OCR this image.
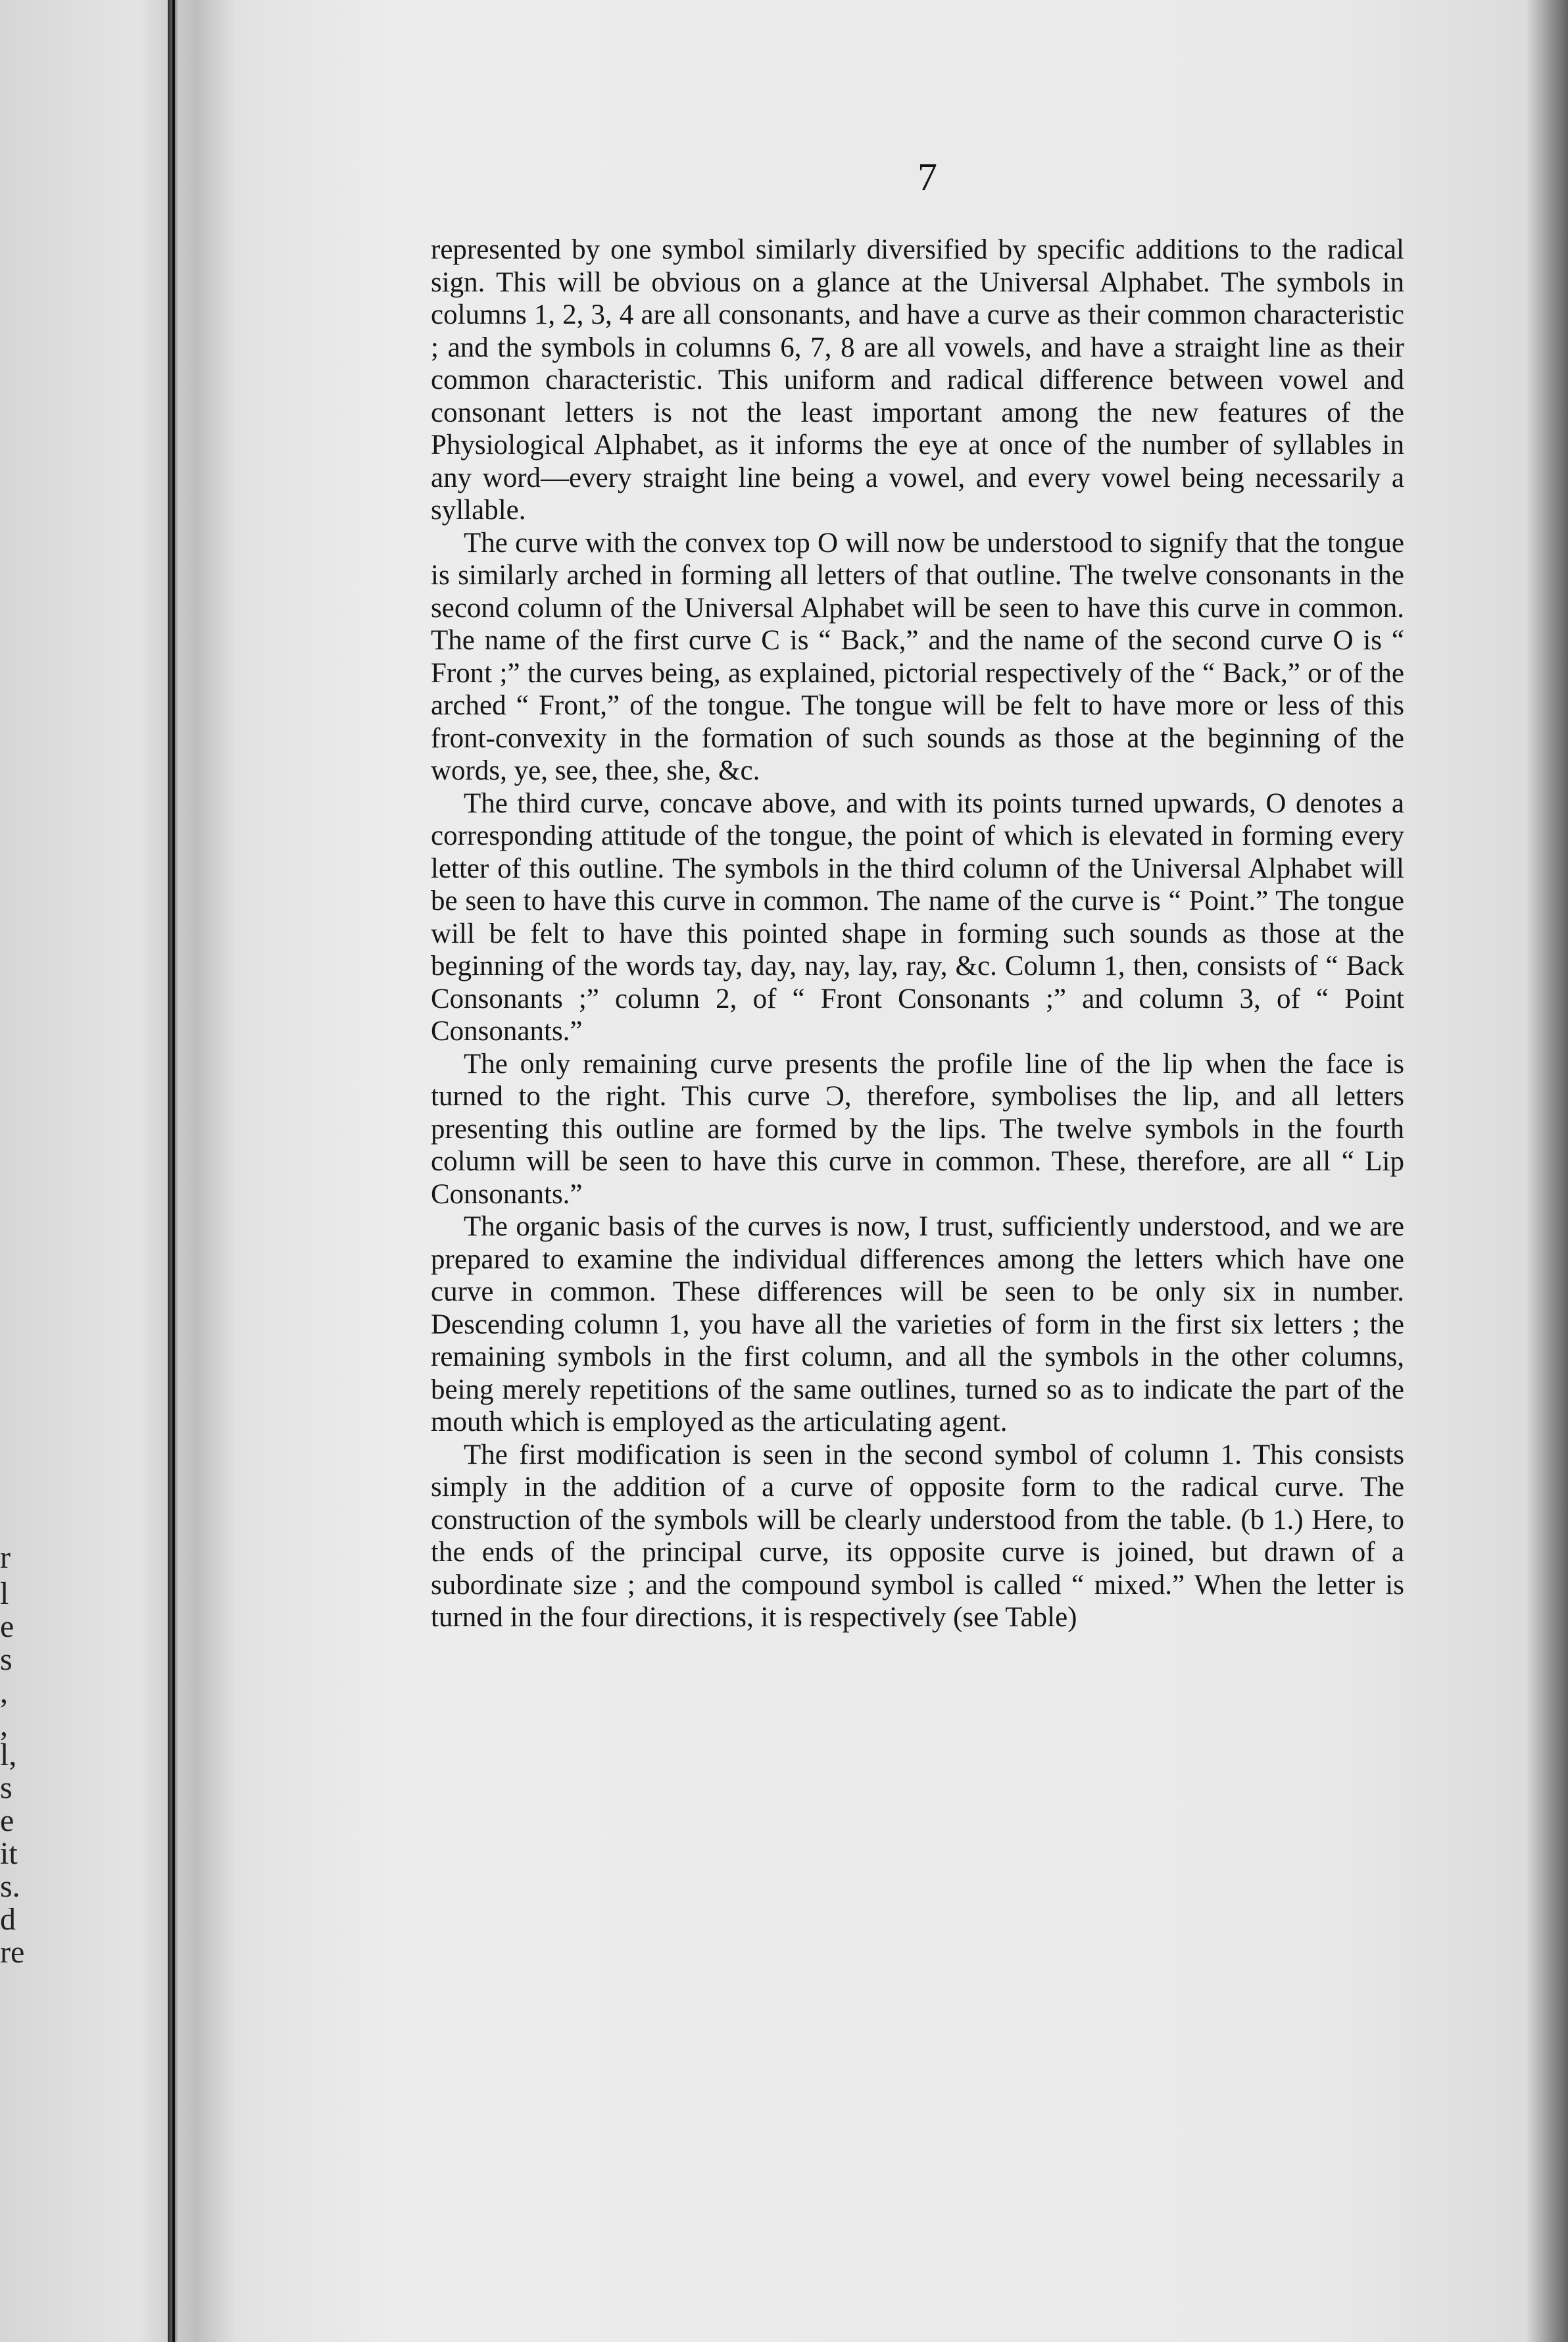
r
l
e
s
,
,
l,
s
e
it
s.
d
re
7

represented by one symbol similarly diversified by specific additions to the radical sign. This will be obvious on a glance at the Universal Alphabet. The symbols in columns 1, 2, 3, 4 are all consonants, and have a curve as their common characteristic ; and the symbols in columns 6, 7, 8 are all vowels, and have a straight line as their common characteristic. This uniform and radical difference between vowel and consonant letters is not the least important among the new features of the Physiological Alphabet, as it informs the eye at once of the number of syllables in any word—every straight line being a vowel, and every vowel being necessarily a syllable.

The curve with the convex top O will now be understood to signify that the tongue is similarly arched in forming all letters of that outline. The twelve consonants in the second column of the Universal Alphabet will be seen to have this curve in common. The name of the first curve C is “ Back,” and the name of the second curve O is “ Front ;” the curves being, as explained, pictorial respectively of the “ Back,” or of the arched “ Front,” of the tongue. The tongue will be felt to have more or less of this front-convexity in the formation of such sounds as those at the beginning of the words, ye, see, thee, she, &c.

The third curve, concave above, and with its points turned upwards, O denotes a corresponding attitude of the tongue, the point of which is elevated in forming every letter of this outline. The symbols in the third column of the Universal Alphabet will be seen to have this curve in common. The name of the curve is “ Point.” The tongue will be felt to have this pointed shape in forming such sounds as those at the beginning of the words tay, day, nay, lay, ray, &c. Column 1, then, consists of “ Back Consonants ;” column 2, of “ Front Consonants ;” and column 3, of “ Point Consonants.”

The only remaining curve presents the profile line of the lip when the face is turned to the right. This curve Ɔ, therefore, symbolises the lip, and all letters presenting this outline are formed by the lips. The twelve symbols in the fourth column will be seen to have this curve in common. These, therefore, are all “ Lip Consonants.”

The organic basis of the curves is now, I trust, sufficiently understood, and we are prepared to examine the individual differences among the letters which have one curve in common. These differences will be seen to be only six in number. Descending column 1, you have all the varieties of form in the first six letters ; the remaining symbols in the first column, and all the symbols in the other columns, being merely repetitions of the same outlines, turned so as to indicate the part of the mouth which is employed as the articulating agent.

The first modification is seen in the second symbol of column 1. This consists simply in the addition of a curve of opposite form to the radical curve. The construction of the symbols will be clearly understood from the table. (b 1.) Here, to the ends of the principal curve, its opposite curve is joined, but drawn of a subordinate size ; and the compound symbol is called “ mixed.” When the letter is turned in the four directions, it is respectively (see Table)
